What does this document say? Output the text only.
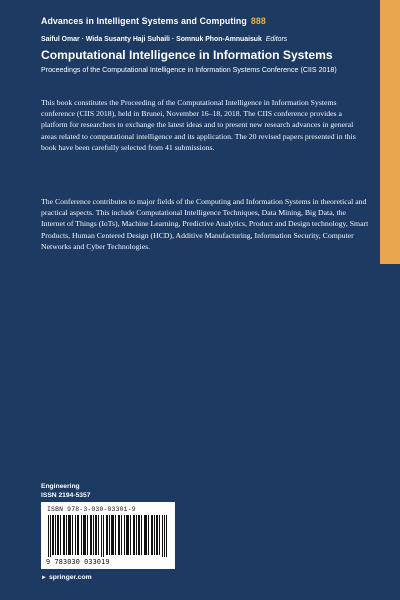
Advances in Intelligent Systems and Computing 888
Saiful Omar · Wida Susanty Haji Suhaili · Somnuk Phon-Amnuaisuk Editors
Computational Intelligence in Information Systems
Proceedings of the Computational Intelligence in Information Systems Conference (CIIS 2018)
This book constitutes the Proceeding of the Computational Intelligence in Information Systems conference (CIIS 2018), held in Brunei, November 16–18, 2018. The CIIS conference provides a platform for researchers to exchange the latest ideas and to present new research advances in general areas related to computational intelligence and its application. The 20 revised papers presented in this book have been carefully selected from 41 submissions.
The Conference contributes to major fields of the Computing and Information Systems in theoretical and practical aspects. This include Computational Intelligence Techniques, Data Mining, Big Data, the Internet of Things (IoTs), Machine Learning, Predictive Analytics, Product and Design technology, Smart Products, Human Centered Design (HCD), Additive Manufacturing, Information Security, Computer Networks and Cyber Technologies.
Engineering
ISSN 2194-5357
ISBN 978-3-030-03301-9
9 783030 033019
► springer.com
